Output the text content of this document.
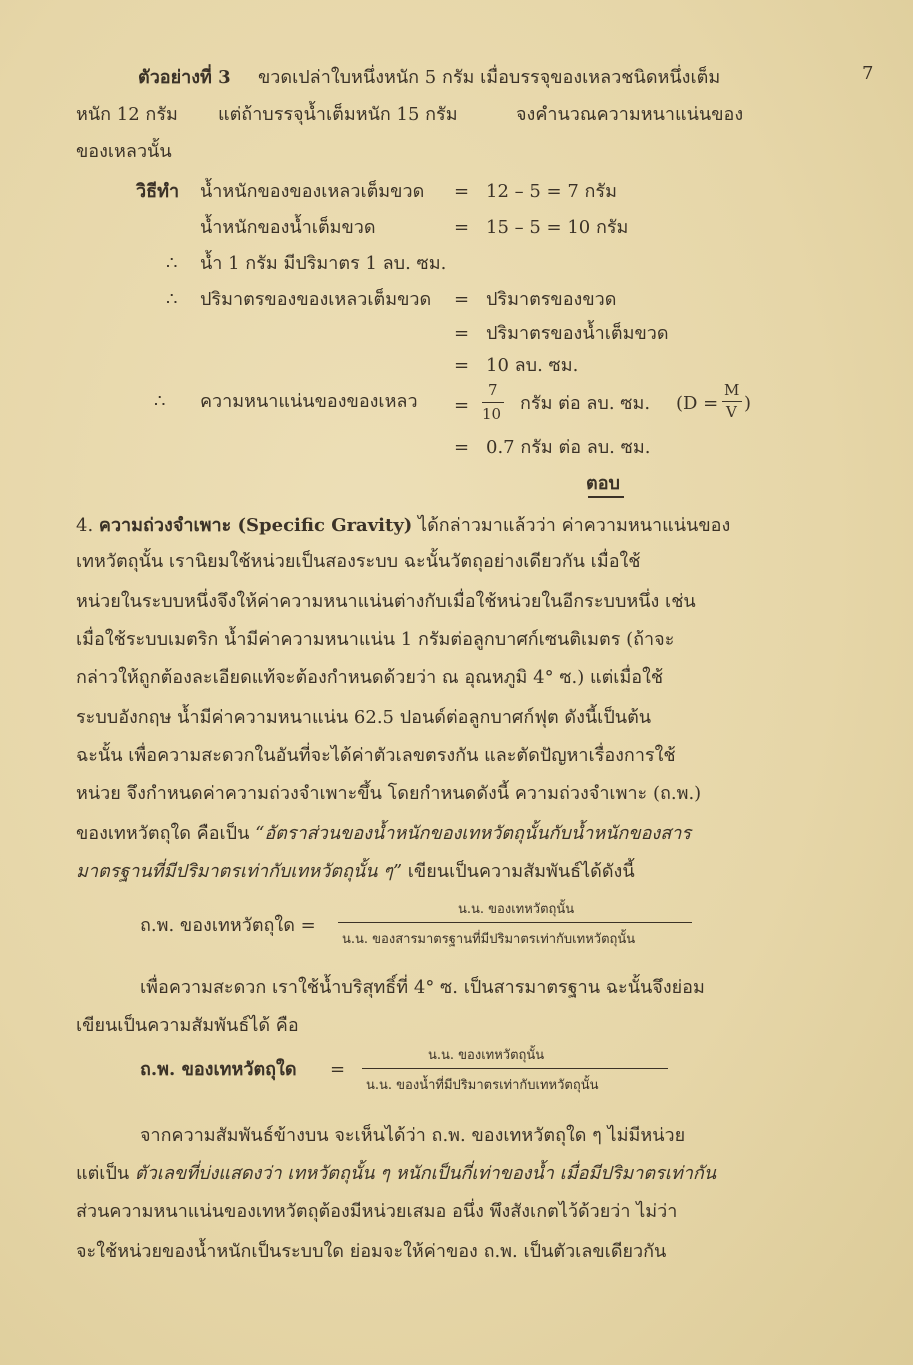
7
ตัวอย่างที่ 3 ขวดเปล่าใบหนึ่งหนัก 5 กรัม เมื่อบรรจุของเหลวชนิดหนึ่งเต็ม
หนัก 12 กรัม แต่ถ้าบรรจุน้ำเต็มหนัก 15 กรัม	จงคำนวณความหนาแน่นของ
ของเหลวนั้น
วิธีทำ น้ำหนักของของเหลวเต็มขวด = 12 – 5 = 7 กรัม
น้ำหนักของน้ำเต็มขวด	= 15 – 5 = 10 กรัม
∴ น้ำ 1 กรัม มีปริมาตร 1 ลบ. ซม.
∴ ปริมาตรของของเหลวเต็มขวด = ปริมาตรของขวด
= ปริมาตรของน้ำเต็มขวด
= 10 ลบ. ซม.
∴ ความหนาแน่นของของเหลว =
7
10 กรัม ต่อ ลบ. ซม. (D =
M
V )
= 0.7 กรัม ต่อ ลบ. ซม.
ตอบ
4. ความถ่วงจำเพาะ (Specific Gravity) ได้กล่าวมาแล้วว่า ค่าความหนาแน่นของ
เทหวัตถุนั้น เรานิยมใช้หน่วยเป็นสองระบบ ฉะนั้นวัตถุอย่างเดียวกัน เมื่อใช้
หน่วยในระบบหนึ่งจึงให้ค่าความหนาแน่นต่างกับเมื่อใช้หน่วยในอีกระบบหนึ่ง เช่น
เมื่อใช้ระบบเมตริก น้ำมีค่าความหนาแน่น 1 กรัมต่อลูกบาศก์เซนติเมตร (ถ้าจะ
กล่าวให้ถูกต้องละเอียดแท้จะต้องกำหนดด้วยว่า ณ อุณหภูมิ 4° ซ.) แต่เมื่อใช้
ระบบอังกฤษ น้ำมีค่าความหนาแน่น 62.5 ปอนด์ต่อลูกบาศก์ฟุต ดังนี้เป็นต้น
ฉะนั้น เพื่อความสะดวกในอันที่จะได้ค่าตัวเลขตรงกัน และตัดปัญหาเรื่องการใช้
หน่วย จึงกำหนดค่าความถ่วงจำเพาะขึ้น โดยกำหนดดังนี้ ความถ่วงจำเพาะ (ถ.พ.)
ของเทหวัตถุใด คือเป็น “อัตราส่วนของน้ำหนักของเทหวัตถุนั้นกับน้ำหนักของสาร
มาตรฐานที่มีปริมาตรเท่ากับเทหวัตถุนั้น ๆ” เขียนเป็นความสัมพันธ์ได้ดังนี้
ถ.พ. ของเทหวัตถุใด =
น.น. ของเทหวัตถุนั้น
น.น. ของสารมาตรฐานที่มีปริมาตรเท่ากับเทหวัตถุนั้น
เพื่อความสะดวก เราใช้น้ำบริสุทธิ์ที่ 4° ซ. เป็นสารมาตรฐาน ฉะนั้นจึงย่อม
เขียนเป็นความสัมพันธ์ได้ คือ
ถ.พ. ของเทหวัตถุใด =
น.น. ของเทหวัตถุนั้น
น.น. ของน้ำที่มีปริมาตรเท่ากับเทหวัตถุนั้น
จากความสัมพันธ์ข้างบน จะเห็นได้ว่า ถ.พ. ของเทหวัตถุใด ๆ ไม่มีหน่วย
แต่เป็น ตัวเลขที่บ่งแสดงว่า เทหวัตถุนั้น ๆ หนักเป็นกี่เท่าของน้ำ เมื่อมีปริมาตรเท่ากัน
ส่วนความหนาแน่นของเทหวัตถุต้องมีหน่วยเสมอ อนึ่ง พึงสังเกตไว้ด้วยว่า ไม่ว่า
จะใช้หน่วยของน้ำหนักเป็นระบบใด ย่อมจะให้ค่าของ ถ.พ. เป็นตัวเลขเดียวกัน
